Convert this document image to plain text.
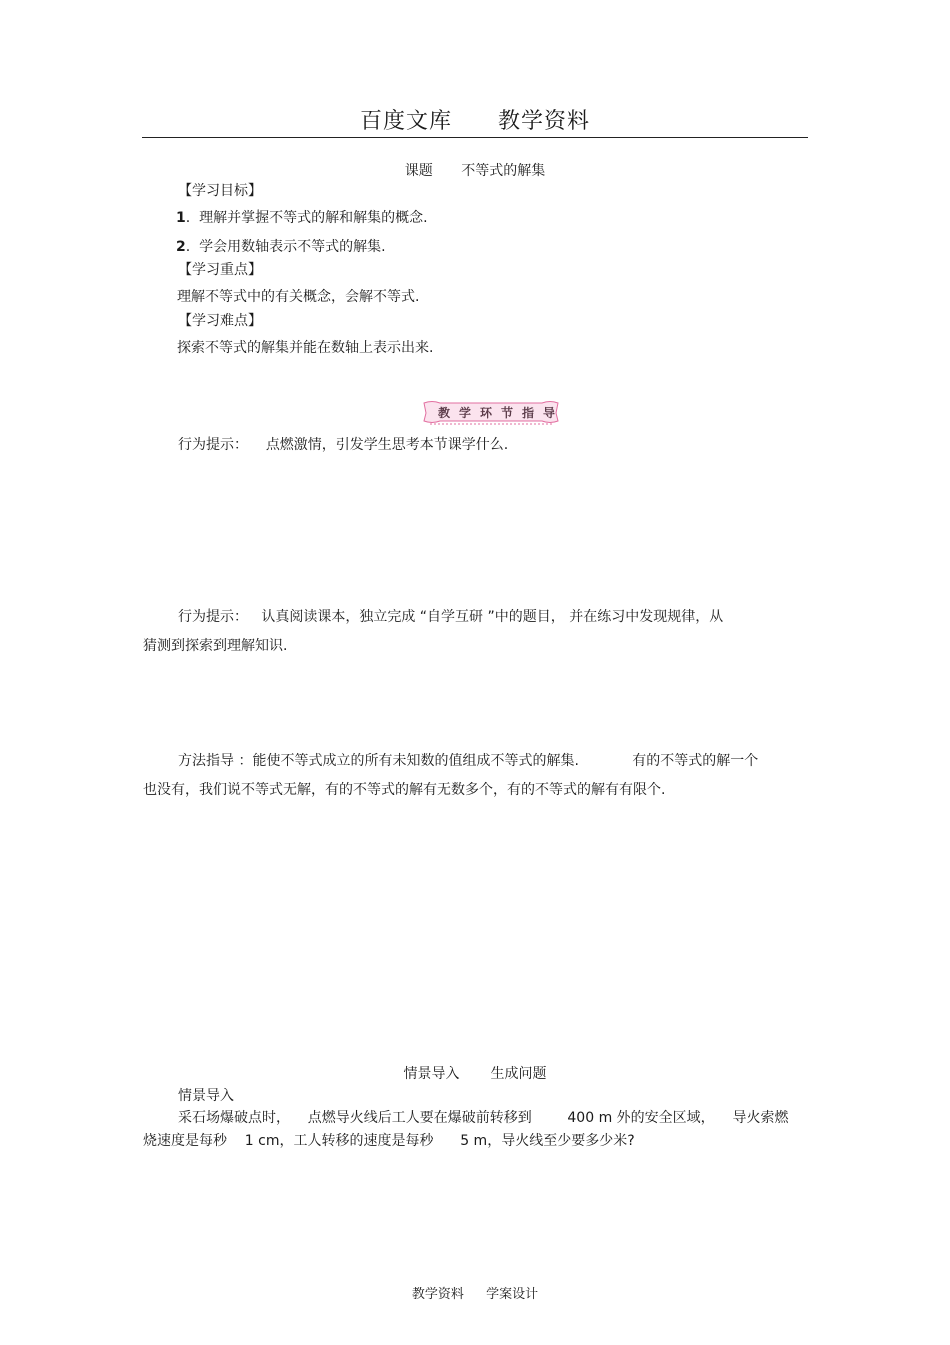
百度文库 教学资料
课题 不等式的解集
【学习目标】
1.  理解并掌握不等式的解和解集的概念.
2.  学会用数轴表示不等式的解集.
【学习重点】
理解不等式中的有关概念，会解不等式.
【学习难点】
探索不等式的解集并能在数轴上表示出来.
教 学 环 节 指 导
行为提示： 点燃激情，引发学生思考本节课学什么.
行为提示： 认真阅读课本，独立完成 “自学互研 ”中的题目， 并在练习中发现规律，从
猜测到探索到理解知识.
方法指导 ：能使不等式成立的所有未知数的值组成不等式的解集.            有的不等式的解一个
也没有，我们说不等式无解，有的不等式的解有无数多个，有的不等式的解有有限个.
情景导入 生成问题
情景导入
采石场爆破点时，    点燃导火线后工人要在爆破前转移到        400 m 外的安全区域，    导火索燃
烧速度是每秒    1 cm，工人转移的速度是每秒      5 m，导火线至少要多少米?
教学资料 学案设计
